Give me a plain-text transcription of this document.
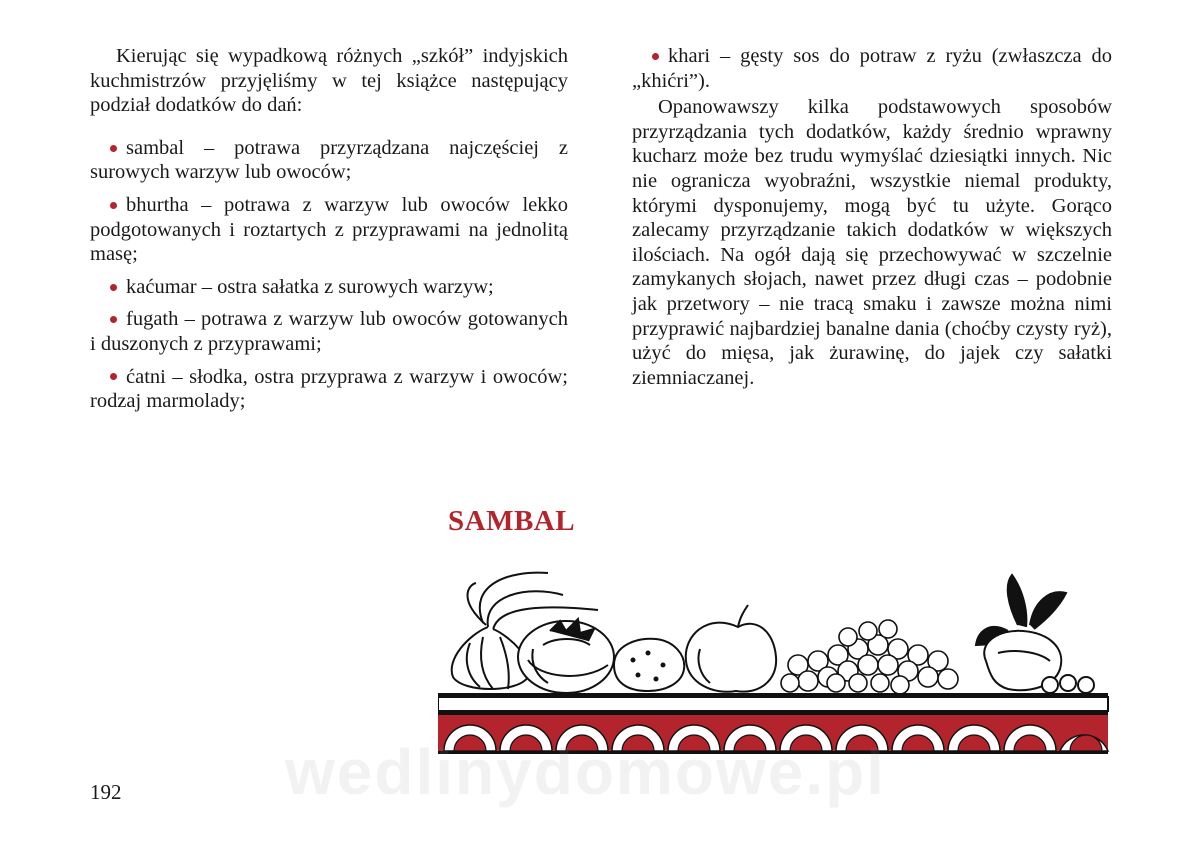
Kierując się wypadkową różnych „szkół” indyjskich kuchmistrzów przyjęliśmy w tej książce następujący podział dodatków do dań:

sambal – potrawa przyrządzana najczęściej z surowych warzyw lub owoców;

bhurtha – potrawa z warzyw lub owoców lekko podgotowanych i roztartych z przyprawami na jednolitą masę;

kaćumar – ostra sałatka z surowych warzyw;

fugath – potrawa z warzyw lub owoców gotowanych i duszonych z przyprawami;

ćatni – słodka, ostra przyprawa z warzyw i owoców; rodzaj marmolady;

khari – gęsty sos do potraw z ryżu (zwłaszcza do „khićri”).

Opanowawszy kilka podstawowych sposobów przyrządzania tych dodatków, każdy średnio wprawny kucharz może bez trudu wymyślać dziesiątki innych. Nic nie ogranicza wyobraźni, wszystkie niemal produkty, którymi dysponujemy, mogą być tu użyte. Gorąco zalecamy przyrządzanie takich dodatków w większych ilościach. Na ogół dają się przechowywać w szczelnie zamykanych słojach, nawet przez długi czas – podobnie jak przetwory – nie tracą smaku i zawsze można nimi przyprawić najbardziej banalne dania (choćby czysty ryż), użyć do mięsa, jak żurawinę, do jajek czy sałatki ziemniaczanej.

SAMBAL
wedlinydomowe.pl
192
